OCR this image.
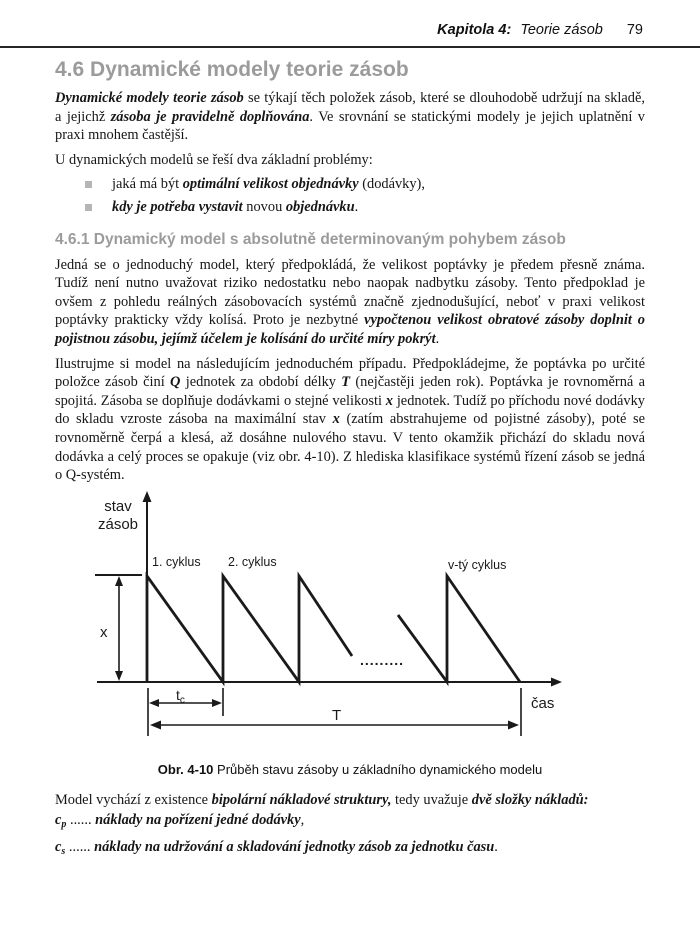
Kapitola 4: Teorie zásob 79
4.6 Dynamické modely teorie zásob

Dynamické modely teorie zásob se týkají těch položek zásob, které se dlouhodobě udržují na skladě, a jejichž zásoba je pravidelně doplňována. Ve srovnání se statickými modely je jejich uplatnění v praxi mnohem častější.

U dynamických modelů se řeší dva základní problémy:

jaká má být optimální velikost objednávky (dodávky),
kdy je potřeba vystavit novou objednávku.
4.6.1 Dynamický model s absolutně determinovaným pohybem zásob

Jedná se o jednoduchý model, který předpokládá, že velikost poptávky je předem přesně známa. Tudíž není nutno uvažovat riziko nedostatku nebo naopak nadbytku zásoby. Tento předpoklad je ovšem z pohledu reálných zásobovacích systémů značně zjednodušující, neboť v praxi velikost poptávky prakticky vždy kolísá. Proto je nezbytné vypočtenou velikost obratové zásoby doplnit o pojistnou zásobu, jejímž účelem je kolísání do určité míry pokrýt.

Ilustrujme si model na následujícím jednoduchém případu. Předpokládejme, že poptávka po určité položce zásob činí Q jednotek za období délky T (nejčastěji jeden rok). Poptávka je rovnoměrná a spojitá. Zásoba se doplňuje dodávkami o stejné velikosti x jednotek. Tudíž po příchodu nové dodávky do skladu vzroste zásoba na maximální stav x (zatím abstrahujeme od pojistné zásoby), poté se rovnoměrně čerpá a klesá, až dosáhne nulového stavu. V tento okamžik přichází do skladu nová dodávka a celý proces se opakuje (viz obr. 4-10). Z hlediska klasifikace systémů řízení zásob se jedná o Q-systém.

x
.........
stav
zásob
1. cyklus 2. cyklus	v-tý cyklus
čas
$t_c$
T
Obr. 4-10 Průběh stavu zásoby u základního dynamického modelu

Model vychází z existence bipolární nákladové struktury, tedy uvažuje dvě složky nákladů:

$c_p$ ...... náklady na pořízení jedné dodávky,

$c_s$ ...... náklady na udržování a skladování jednotky zásob za jednotku času.
